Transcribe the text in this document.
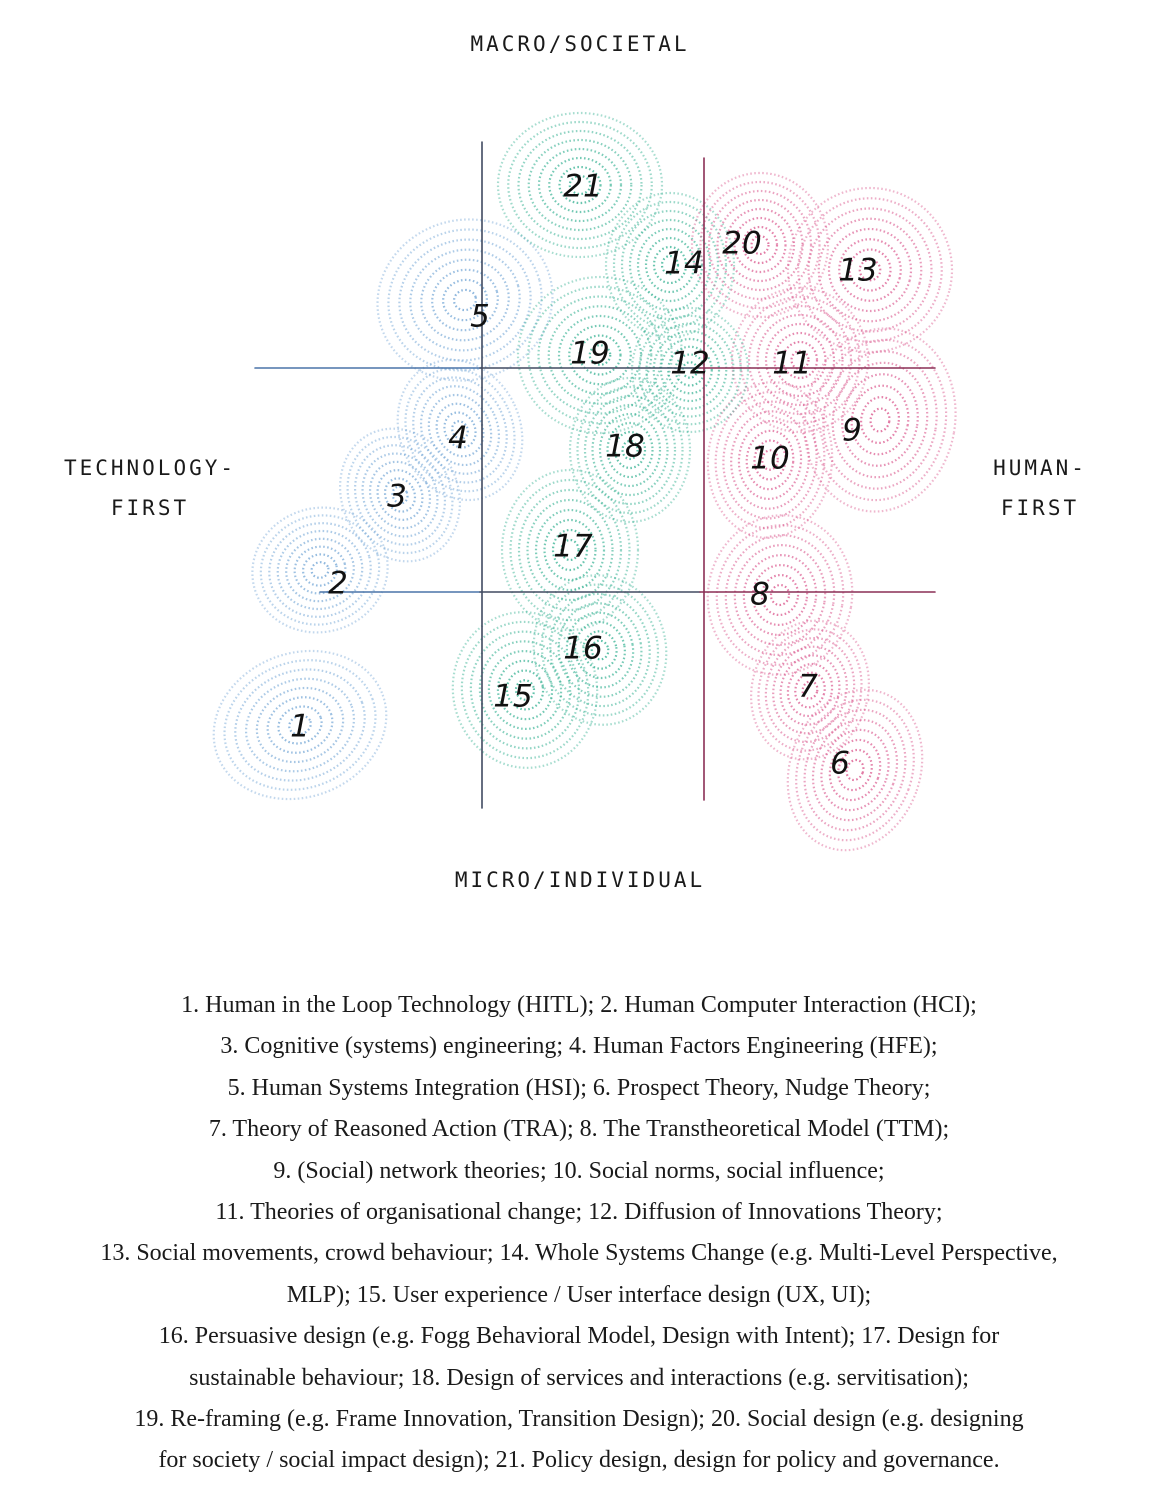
1
2
3
4
5
6
7
8
9
10
11
12
13
14
15
16
17
18
19
20
21
MACRO/SOCIETAL
MICRO/INDIVIDUAL
TECHNOLOGY-
FIRST
HUMAN-
FIRST
1. Human in the Loop Technology (HITL); 2. Human Computer Interaction (HCI);
3. Cognitive (systems) engineering; 4. Human Factors Engineering (HFE);
5. Human Systems Integration (HSI); 6. Prospect Theory, Nudge Theory;
7. Theory of Reasoned Action (TRA); 8. The Transtheoretical Model (TTM);
9. (Social) network theories; 10. Social norms, social influence;
11. Theories of organisational change; 12. Diffusion of Innovations Theory;
13. Social movements, crowd behaviour; 14. Whole Systems Change (e.g. Multi-Level Perspective,
MLP); 15. User experience / User interface design (UX, UI);
16. Persuasive design (e.g. Fogg Behavioral Model, Design with Intent); 17. Design for
sustainable behaviour; 18. Design of services and interactions (e.g. servitisation);
19. Re-framing (e.g. Frame Innovation, Transition Design); 20. Social design (e.g. designing
for society / social impact design); 21. Policy design, design for policy and governance.
